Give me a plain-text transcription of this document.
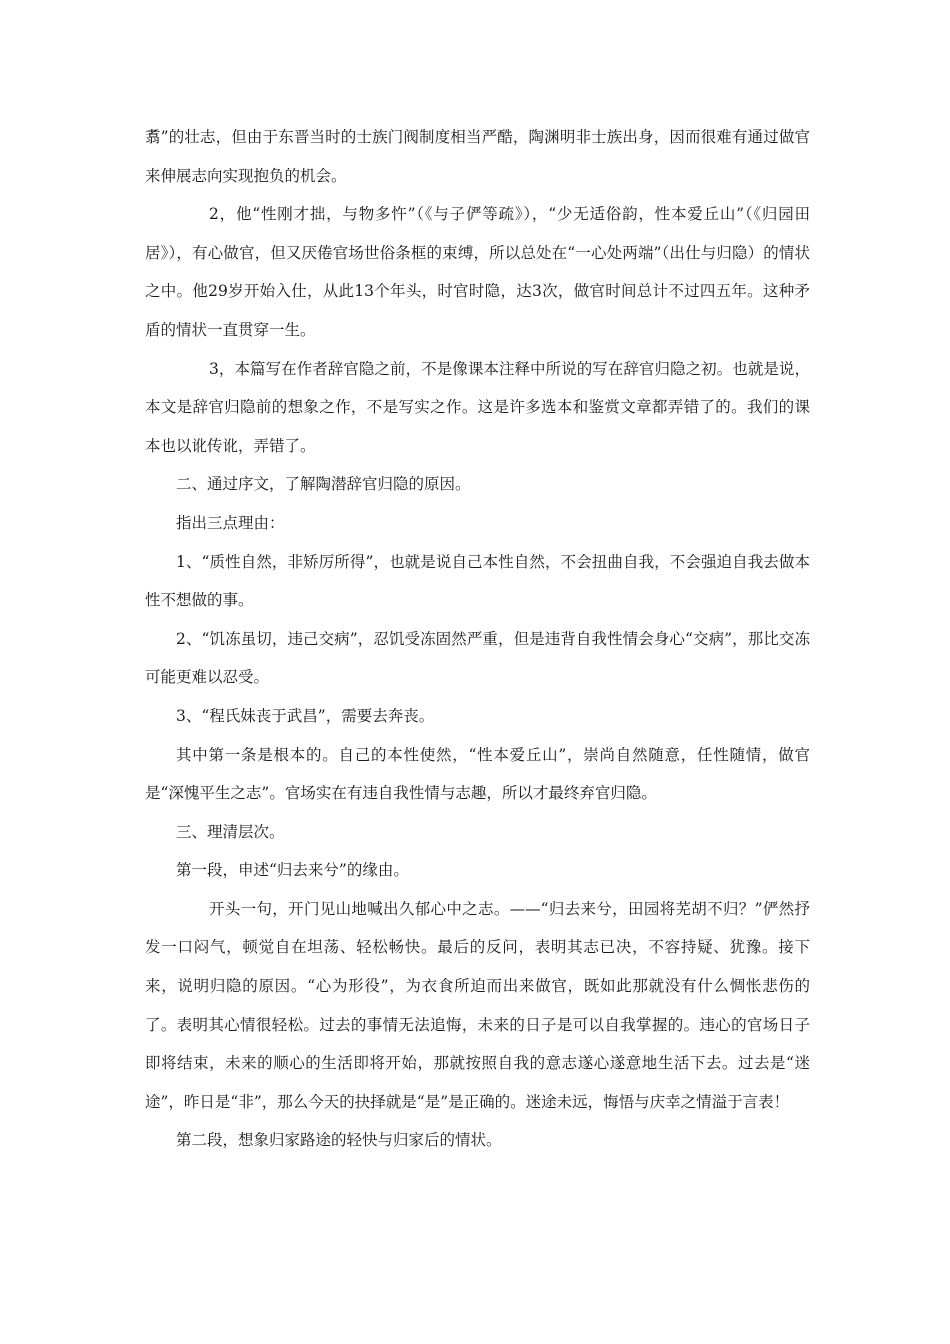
翥”的壮志，但由于东晋当时的士族门阀制度相当严酷，陶渊明非士族出身，因而很难有通过做官来伸展志向实现抱负的机会。

2，他“性刚才拙，与物多忤”（《与子俨等疏》），“少无适俗韵，性本爱丘山”（《归园田居》），有心做官，但又厌倦官场世俗条框的束缚，所以总处在“一心处两端”（出仕与归隐）的情状之中。他29岁开始入仕，从此13个年头，时官时隐，达3次，做官时间总计不过四五年。这种矛盾的情状一直贯穿一生。

3，本篇写在作者辞官隐之前，不是像课本注释中所说的写在辞官归隐之初。也就是说，本文是辞官归隐前的想象之作，不是写实之作。这是许多选本和鉴赏文章都弄错了的。我们的课本也以讹传讹，弄错了。

二、通过序文，了解陶潜辞官归隐的原因。

指出三点理由：

1、“质性自然，非矫厉所得”，也就是说自己本性自然，不会扭曲自我，不会强迫自我去做本性不想做的事。

2、“饥冻虽切，违己交病”，忍饥受冻固然严重，但是违背自我性情会身心“交病”，那比交冻可能更难以忍受。

3、“程氏妹丧于武昌”，需要去奔丧。

其中第一条是根本的。自己的本性使然，“性本爱丘山”，崇尚自然随意，任性随情，做官是“深愧平生之志”。官场实在有违自我性情与志趣，所以才最终弃官归隐。

三、理清层次。

第一段，申述“归去来兮”的缘由。

开头一句，开门见山地喊出久郁心中之志。——“归去来兮，田园将芜胡不归？”俨然抒发一口闷气，顿觉自在坦荡、轻松畅快。最后的反问，表明其志已决，不容持疑、犹豫。接下来，说明归隐的原因。“心为形役”，为衣食所迫而出来做官，既如此那就没有什么惆怅悲伤的了。表明其心情很轻松。过去的事情无法追悔，未来的日子是可以自我掌握的。违心的官场日子即将结束，未来的顺心的生活即将开始，那就按照自我的意志遂心遂意地生活下去。过去是“迷途”，昨日是“非”，那么今天的抉择就是“是”是正确的。迷途未远，悔悟与庆幸之情溢于言表！

第二段，想象归家路途的轻快与归家后的情状。
